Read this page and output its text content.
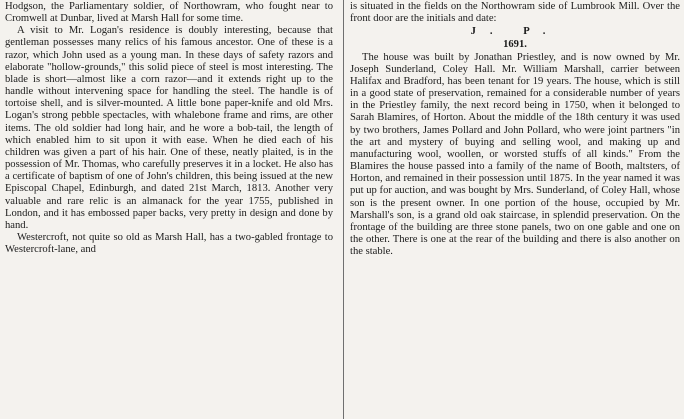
Hodgson, the Parliamentary soldier, of Northowram, who fought near to Cromwell at Dunbar, lived at Marsh Hall for some time.

A visit to Mr. Logan's residence is doubly interesting, because that gentleman possesses many relics of his famous ancestor. One of these is a razor, which John used as a young man. In these days of safety razors and elaborate "hollow-grounds," this solid piece of steel is most interesting. The blade is short—almost like a corn razor—and it extends right up to the handle without intervening space for handling the steel. The handle is of tortoise shell, and is silver-mounted. A little bone paper-knife and old Mrs. Logan's strong pebble spectacles, with whalebone frame and rims, are other items. The old soldier had long hair, and he wore a bob-tail, the length of which enabled him to sit upon it with ease. When he died each of his children was given a part of his hair. One of these, neatly plaited, is in the possession of Mr. Thomas, who carefully preserves it in a locket. He also has a certificate of baptism of one of John's children, this being issued at the new Episcopal Chapel, Edinburgh, and dated 21st March, 1813. Another very valuable and rare relic is an almanack for the year 1755, published in London, and it has embossed paper backs, very pretty in design and done by hand.

Westercroft, not quite so old as Marsh Hall, has a two-gabled frontage to Westercroft-lane, and

is situated in the fields on the Northowram side of Lumbrook Mill. Over the front door are the initials and date:

J. P.

1691.

The house was built by Jonathan Priestley, and is now owned by Mr. Joseph Sunderland, Coley Hall. Mr. William Marshall, carrier between Halifax and Bradford, has been tenant for 19 years. The house, which is still in a good state of preservation, remained for a considerable number of years in the Priestley family, the next record being in 1750, when it belonged to Sarah Blamires, of Horton. About the middle of the 18th century it was used by two brothers, James Pollard and John Pollard, who were joint partners "in the art and mystery of buying and selling wool, and making up and manufacturing wool, woollen, or worsted stuffs of all kinds." From the Blamires the house passed into a family of the name of Booth, maltsters, of Horton, and remained in their possession until 1875. In the year named it was put up for auction, and was bought by Mrs. Sunderland, of Coley Hall, whose son is the present owner. In one portion of the house, occupied by Mr. Marshall's son, is a grand old oak staircase, in splendid preservation. On the frontage of the building are three stone panels, two on one gable and one on the other. There is one at the rear of the building and there is also another on the stable.
